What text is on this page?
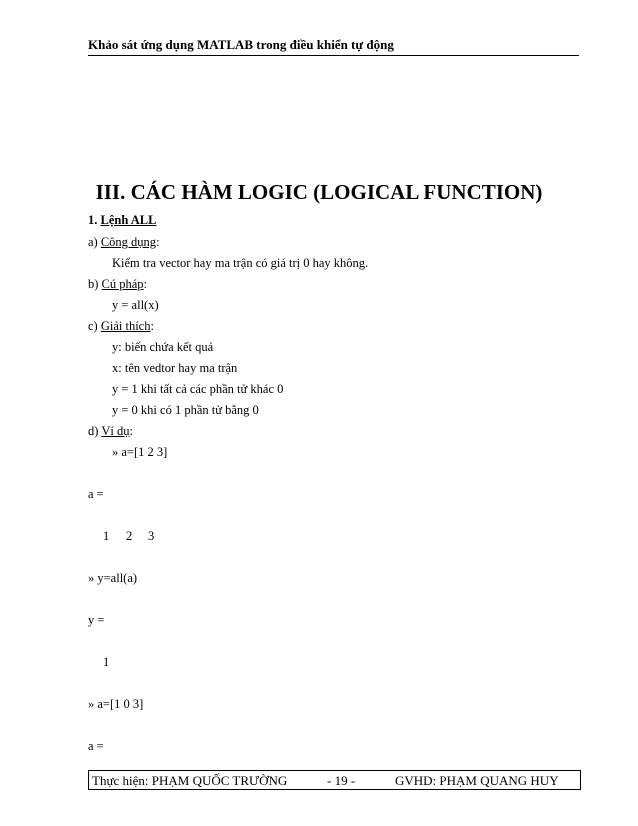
Khảo sát ứng dụng MATLAB trong điều khiển tự động
III. CÁC HÀM LOGIC (LOGICAL FUNCTION)
1. Lệnh ALL
a) Công dụng:
Kiểm tra vector hay ma trận có giá trị 0 hay không.
b) Cú pháp:
y = all(x)
c) Giải thích:
y: biến chứa kết quả
x: tên vedtor hay ma trận
y = 1 khi tất cả các phần tử khác 0
y = 0 khi có 1 phần tử bằng 0
d) Ví dụ:
» a=[1 2 3]
a =
1 2 3
» y=all(a)
y =
1
» a=[1 0 3]
a =
Thực hiện: PHẠM QUỐC TRƯỜNG	- 19 -	GVHD: PHẠM QUANG HUY
